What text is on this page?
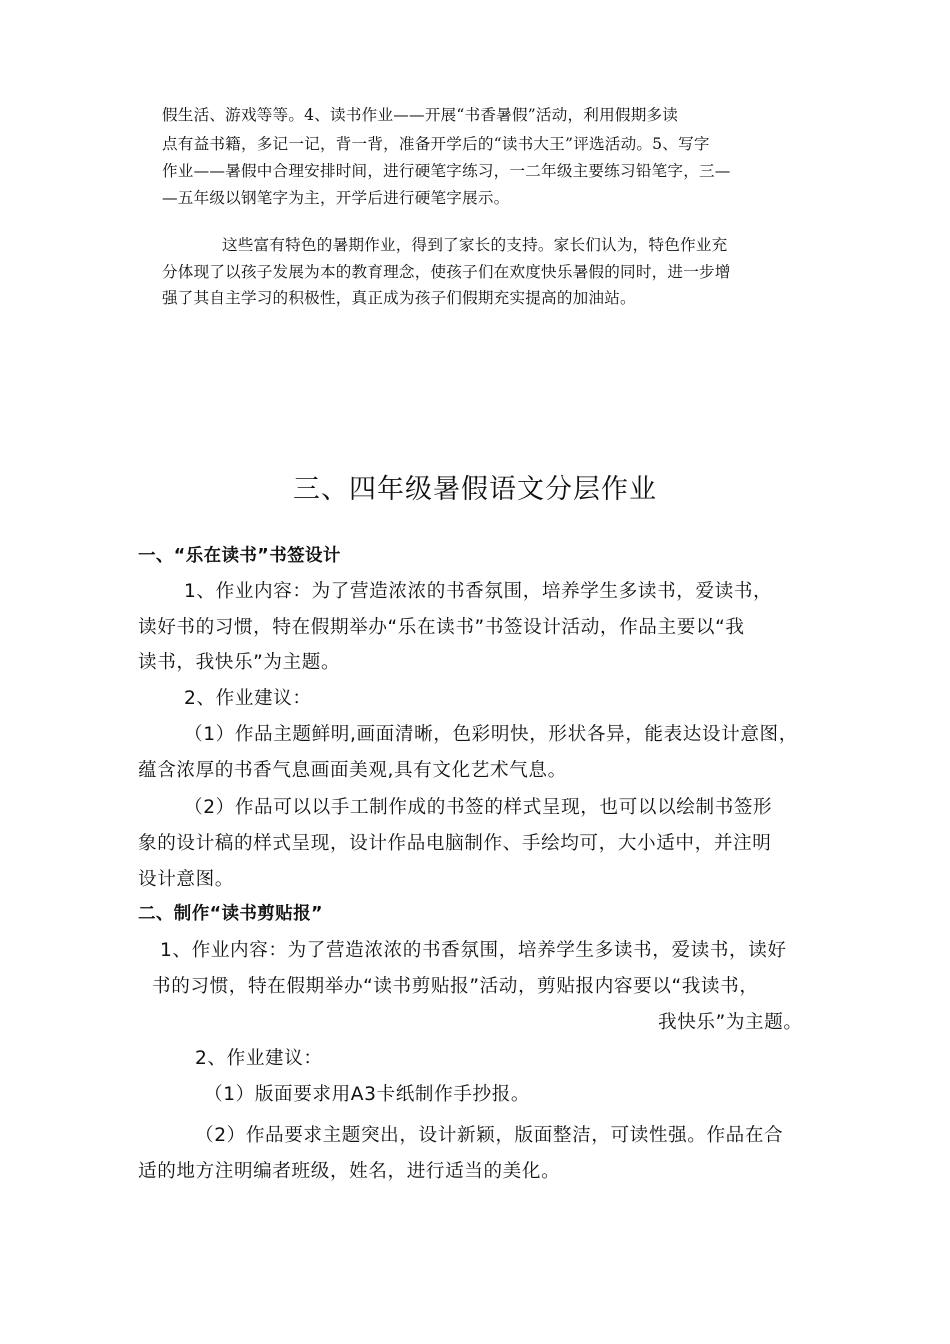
假生活、游戏等等。4、读书作业——开展“书香暑假”活动，利用假期多读
点有益书籍，多记一记，背一背，准备开学后的“读书大王”评选活动。5、写字
作业——暑假中合理安排时间，进行硬笔字练习，一二年级主要练习铅笔字，三—
—五年级以钢笔字为主，开学后进行硬笔字展示。
这些富有特色的暑期作业，得到了家长的支持。家长们认为，特色作业充
分体现了以孩子发展为本的教育理念，使孩子们在欢度快乐暑假的同时，进一步增
强了其自主学习的积极性，真正成为孩子们假期充实提高的加油站。
三、四年级暑假语文分层作业
一、“乐在读书”书签设计
1、作业内容：为了营造浓浓的书香氛围，培养学生多读书，爱读书，
读好书的习惯，特在假期举办“乐在读书”书签设计活动，作品主要以“我
读书，我快乐”为主题。
2、作业建议：
（1）作品主题鲜明,画面清晰，色彩明快，形状各异，能表达设计意图，
蕴含浓厚的书香气息画面美观,具有文化艺术气息。
（2）作品可以以手工制作成的书签的样式呈现，也可以以绘制书签形
象的设计稿的样式呈现，设计作品电脑制作、手绘均可，大小适中，并注明
设计意图。
二、制作“读书剪贴报”
1、作业内容：为了营造浓浓的书香氛围，培养学生多读书，爱读书，读好
书的习惯，特在假期举办“读书剪贴报”活动，剪贴报内容要以“我读书，
我快乐”为主题。
2、作业建议：
（1）版面要求用A3卡纸制作手抄报。
（2）作品要求主题突出，设计新颖，版面整洁，可读性强。作品在合
适的地方注明编者班级，姓名，进行适当的美化。
